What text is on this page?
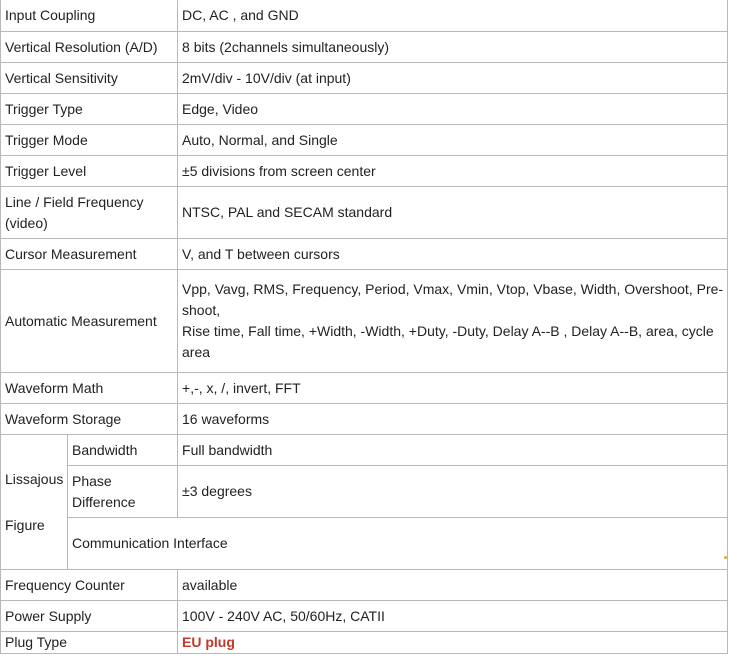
Input Coupling		DC, AC , and GND
Vertical Resolution (A/D)		8 bits (2channels simultaneously)
Vertical Sensitivity		2mV/div - 10V/div (at input)
Trigger Type		Edge, Video
Trigger Mode		Auto, Normal, and Single
Trigger Level		±5 divisions from screen center
Line / Field Frequency (video)		NTSC, PAL and SECAM standard
Cursor Measurement		V, and T between cursors
Automatic Measurement		Vpp, Vavg, RMS, Frequency, Period, Vmax, Vmin, Vtop, Vbase, Width, Overshoot, Pre-shoot,
Rise time, Fall time, +Width, -Width, +Duty, -Duty, Delay A--B , Delay A--B, area, cycle area

Waveform Math		+,-, x, /, invert, FFT
Waveform Storage		16 waveforms

Lissajous
Figure	Bandwidth	Full bandwidth
	Phase Difference	±3 degrees
	Communication Interface	
Frequency Counter		available
Power Supply		100V - 240V AC, 50/60Hz, CATII
Plug Type		EU plug
